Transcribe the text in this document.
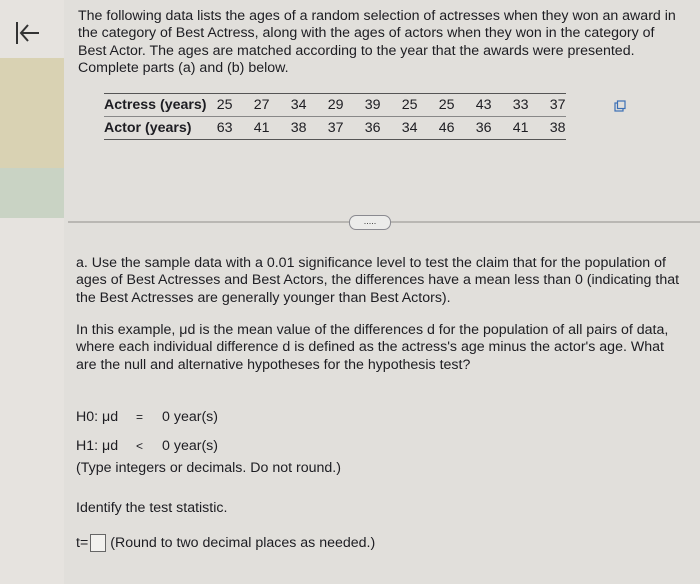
The following data lists the ages of a random selection of actresses when they won an award in the category of Best Actress, along with the ages of actors when they won in the category of Best Actor. The ages are matched according to the year that the awards were presented. Complete parts (a) and (b) below.

Actress (years)	25	27	34	29	39	25	25	43	33	37
Actor (years)	63	41	38	37	36	34	46	36	41	38
.....

a. Use the sample data with a 0.01 significance level to test the claim that for the population of ages of Best Actresses and Best Actors, the differences have a mean less than 0 (indicating that the Best Actresses are generally younger than Best Actors).

In this example, μd is the mean value of the differences d for the population of all pairs of data, where each individual difference d is defined as the actress's age minus the actor's age. What are the null and alternative hypotheses for the hypothesis test?

H0: μd = 0 year(s)
H1: μd < 0 year(s)

(Type integers or decimals. Do not round.)

Identify the test statistic.

t= (Round to two decimal places as needed.)
